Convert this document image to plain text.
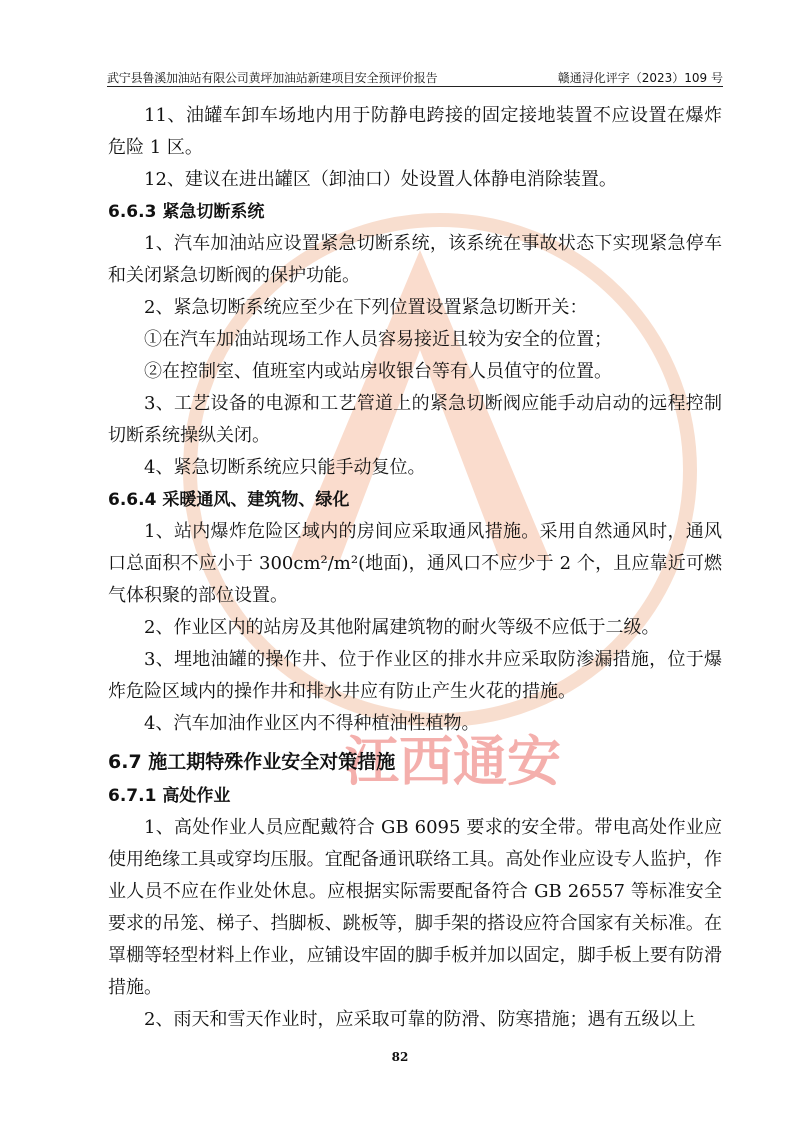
武宁县鲁溪加油站有限公司黄坪加油站新建项目安全预评价报告	赣通浔化评字（2023）109 号
江西通安
11、油罐车卸车场地内用于防静电跨接的固定接地装置不应设置在爆炸危险 1 区。
12、建议在进出罐区（卸油口）处设置人体静电消除装置。
6.6.3 紧急切断系统
1、汽车加油站应设置紧急切断系统，该系统在事故状态下实现紧急停车和关闭紧急切断阀的保护功能。
2、紧急切断系统应至少在下列位置设置紧急切断开关：
①在汽车加油站现场工作人员容易接近且较为安全的位置；
②在控制室、值班室内或站房收银台等有人员值守的位置。
3、工艺设备的电源和工艺管道上的紧急切断阀应能手动启动的远程控制切断系统操纵关闭。
4、紧急切断系统应只能手动复位。
6.6.4 采暖通风、建筑物、绿化
1、站内爆炸危险区域内的房间应采取通风措施。采用自然通风时，通风口总面积不应小于 300cm²/m²(地面)，通风口不应少于 2 个，且应靠近可燃气体积聚的部位设置。
2、作业区内的站房及其他附属建筑物的耐火等级不应低于二级。
3、埋地油罐的操作井、位于作业区的排水井应采取防渗漏措施，位于爆炸危险区域内的操作井和排水井应有防止产生火花的措施。
4、汽车加油作业区内不得种植油性植物。
6.7 施工期特殊作业安全对策措施
6.7.1 高处作业
1、高处作业人员应配戴符合 GB 6095 要求的安全带。带电高处作业应使用绝缘工具或穿均压服。宜配备通讯联络工具。高处作业应设专人监护，作业人员不应在作业处休息。应根据实际需要配备符合 GB 26557 等标准安全要求的吊笼、梯子、挡脚板、跳板等，脚手架的搭设应符合国家有关标准。在罩棚等轻型材料上作业，应铺设牢固的脚手板并加以固定，脚手板上要有防滑措施。
2、雨天和雪天作业时，应采取可靠的防滑、防寒措施；遇有五级以上
82
